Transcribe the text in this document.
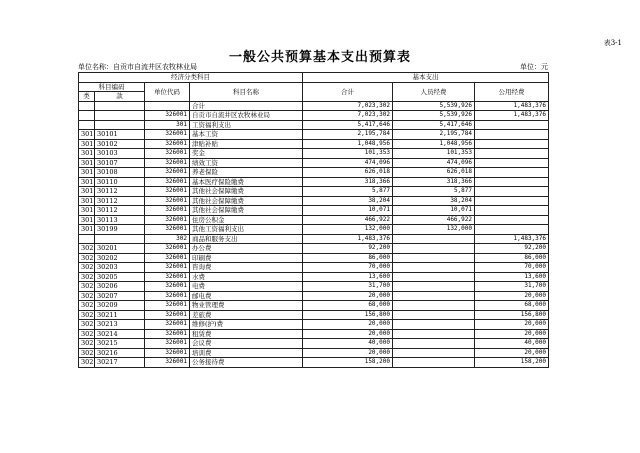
表3-1
一般公共预算基本支出预算表
单位名称：自贡市自流井区农牧林业局	单位：元
经济分类科目				基本支出		
科目编码		单位代码	科目名称	合计	人员经费	公用经费
类	款					
			合计	7,023,302	5,539,926	1,483,376
		326001	自贡市自流井区农牧林业局	7,023,302	5,539,926	1,483,376
		301	工资福利支出	5,417,646	5,417,646	
301	30101	326001	基本工资	2,195,784	2,195,784	
301	30102	326001	津贴补贴	1,048,956	1,048,956	
301	30103	326001	奖金	101,353	101,353	
301	30107	326001	绩效工资	474,096	474,096	
301	30108	326001	养老保险	626,018	626,018	
301	30110	326001	基本医疗保险缴费	318,366	318,366	
301	30112	326001	其他社会保障缴费	5,877	5,877	
301	30112	326001	其他社会保障缴费	38,204	38,204	
301	30112	326001	其他社会保障缴费	10,071	10,071	
301	30113	326001	住房公积金	466,922	466,922	
301	30199	326001	其他工资福利支出	132,000	132,000	
		302	商品和服务支出	1,483,376		1,483,376
302	30201	326001	办公费	92,200		92,200
302	30202	326001	印刷费	86,000		86,000
302	30203	326001	咨询费	70,000		70,000
302	30205	326001	水费	13,600		13,600
302	30206	326001	电费	31,700		31,700
302	30207	326001	邮电费	20,000		20,000
302	30209	326001	物业管理费	68,000		68,000
302	30211	326001	差旅费	156,800		156,800
302	30213	326001	维修(护)费	20,000		20,000
302	30214	326001	租赁费	20,000		20,000
302	30215	326001	会议费	40,000		40,000
302	30216	326001	培训费	20,000		20,000
302	30217	326001	公务接待费	158,200		158,200
